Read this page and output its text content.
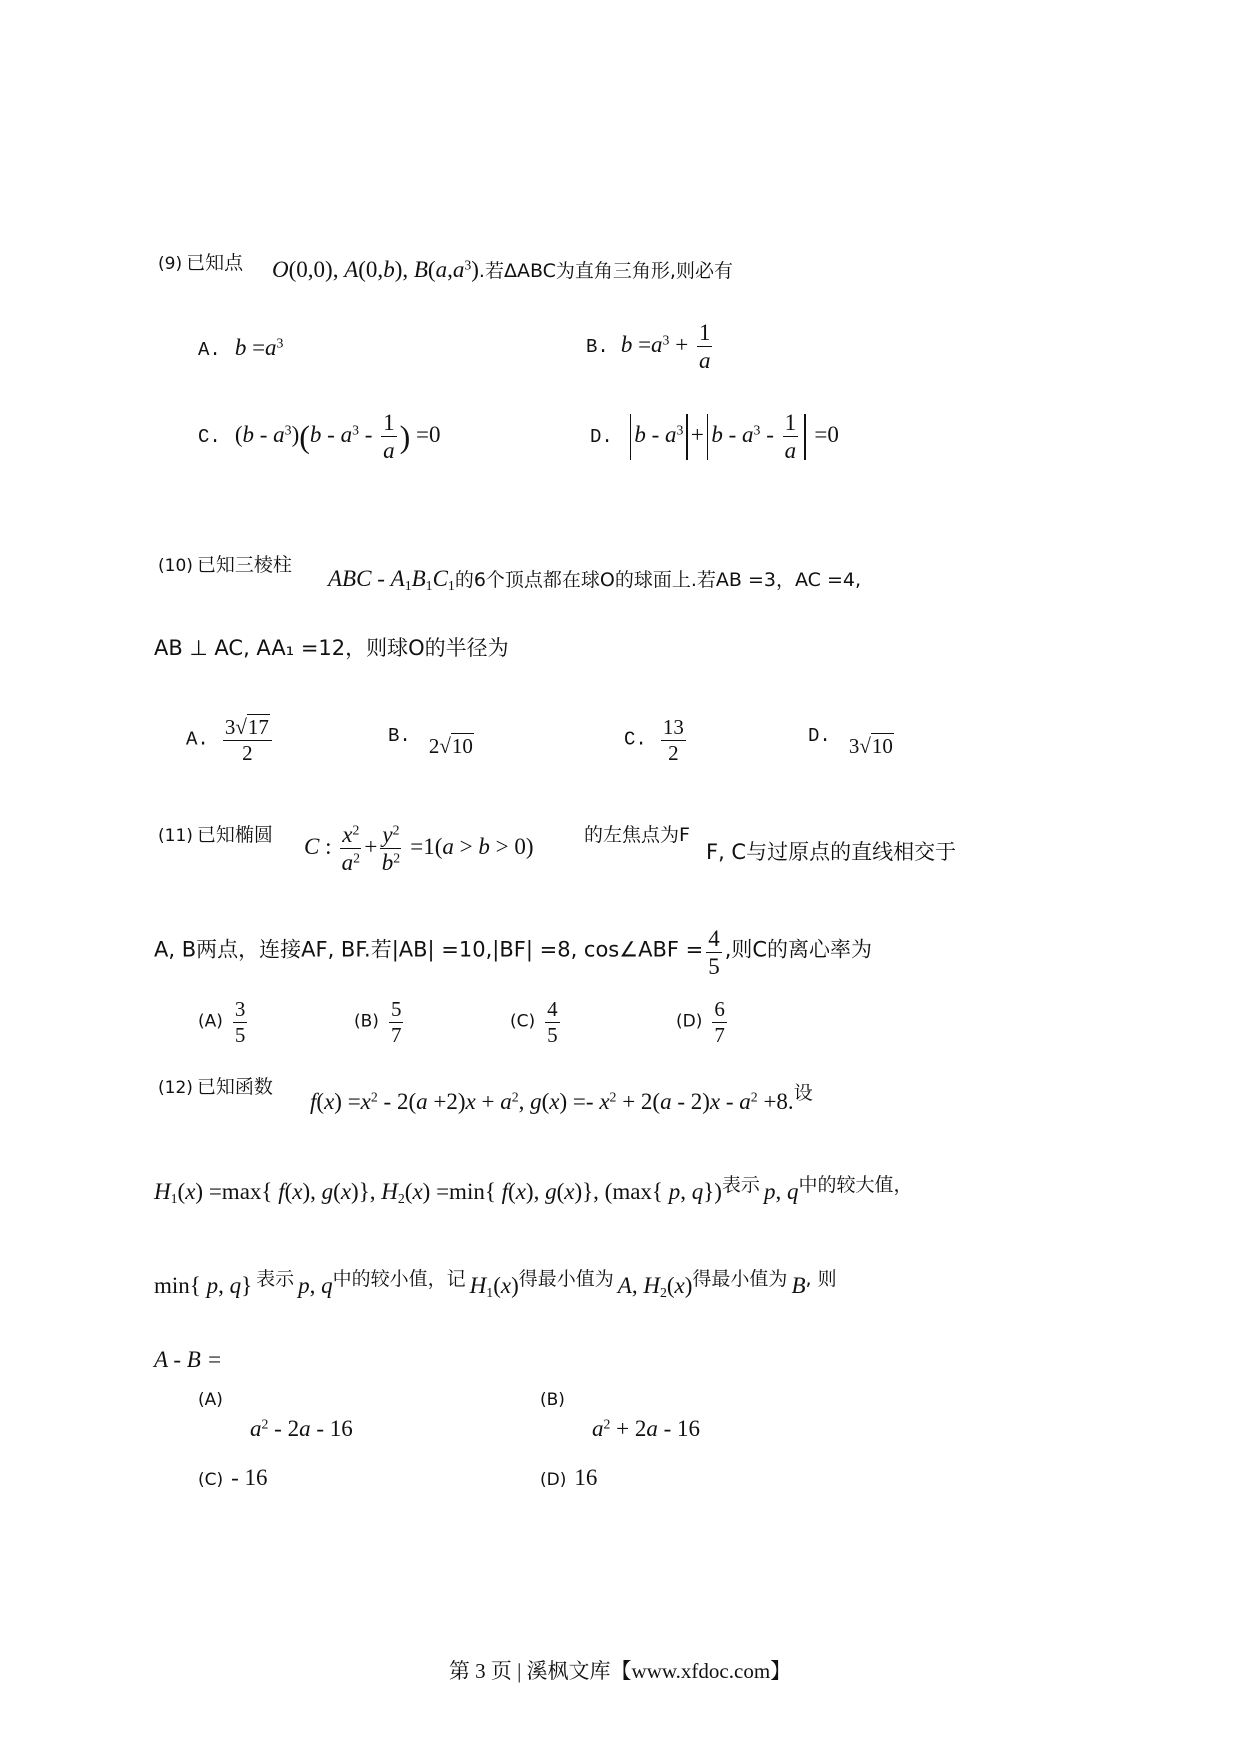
(9) 已知点 O(0,0), A(0,b), $B(a,a^3)$.若ΔABC为直角三角形,则必有
A. $b =a^3$	B. $b =a^3 + \frac{1}{a}$
C. $(b - a^3)(b - a^3 - \frac{1}{a}$ ) =0	D. $b - a^3 + b - a^3 - \frac{1}{a} =0$
(10) 已知三棱柱
ABC - $A_1B_1C_1$的6个顶点都在球O的球面上.若AB =3，AC =4,
AB ⊥ AC, AA₁ =12，则球O的半径为
A. $\frac{3√17}{2}$	B. 2√10	C. $\frac{13}{2}$	D. 3√10
(11) 已知椭圆 C : $\frac{x^2}{a^2} + \frac{y^2}{b^2} =1(a > b > 0)$	的左焦点为F
F, C与过原点的直线相交于
A, B两点，连接AF, BF.若|AB| =10,|BF| =8, cos∠ABF = $\frac{4}{5}$ ,则C的离心率为
$(A) \frac{3}{5}$	$(B) \frac{5}{7}$	$(C) \frac{4}{5}$	$(D) \frac{6}{7}$
(12) 已知函数
$f(x) =x^2 - 2(a +2)x + a^2$, $g(x) =- x^2 + 2(a - 2)x - a^2 +8.^设$
$H_1(x) =\max${ f(x), g(x)}, $H_2(x) =\min${ f(x), g(x)}, (max{ p, q})表示 p, q中的较大值，
min{ p, q} 表示 p, q中的较小值，记 $H_1(x)$得最小值为 A, $H_2(x)$得最小值为 B, 则
A - B =
(A)
$a^2 - 2a - 16$
(B)
$a^2 + 2a - 16$
(C) - 16	(D) 16
第 3 页 | 溪枫文库【www.xfdoc.com】
